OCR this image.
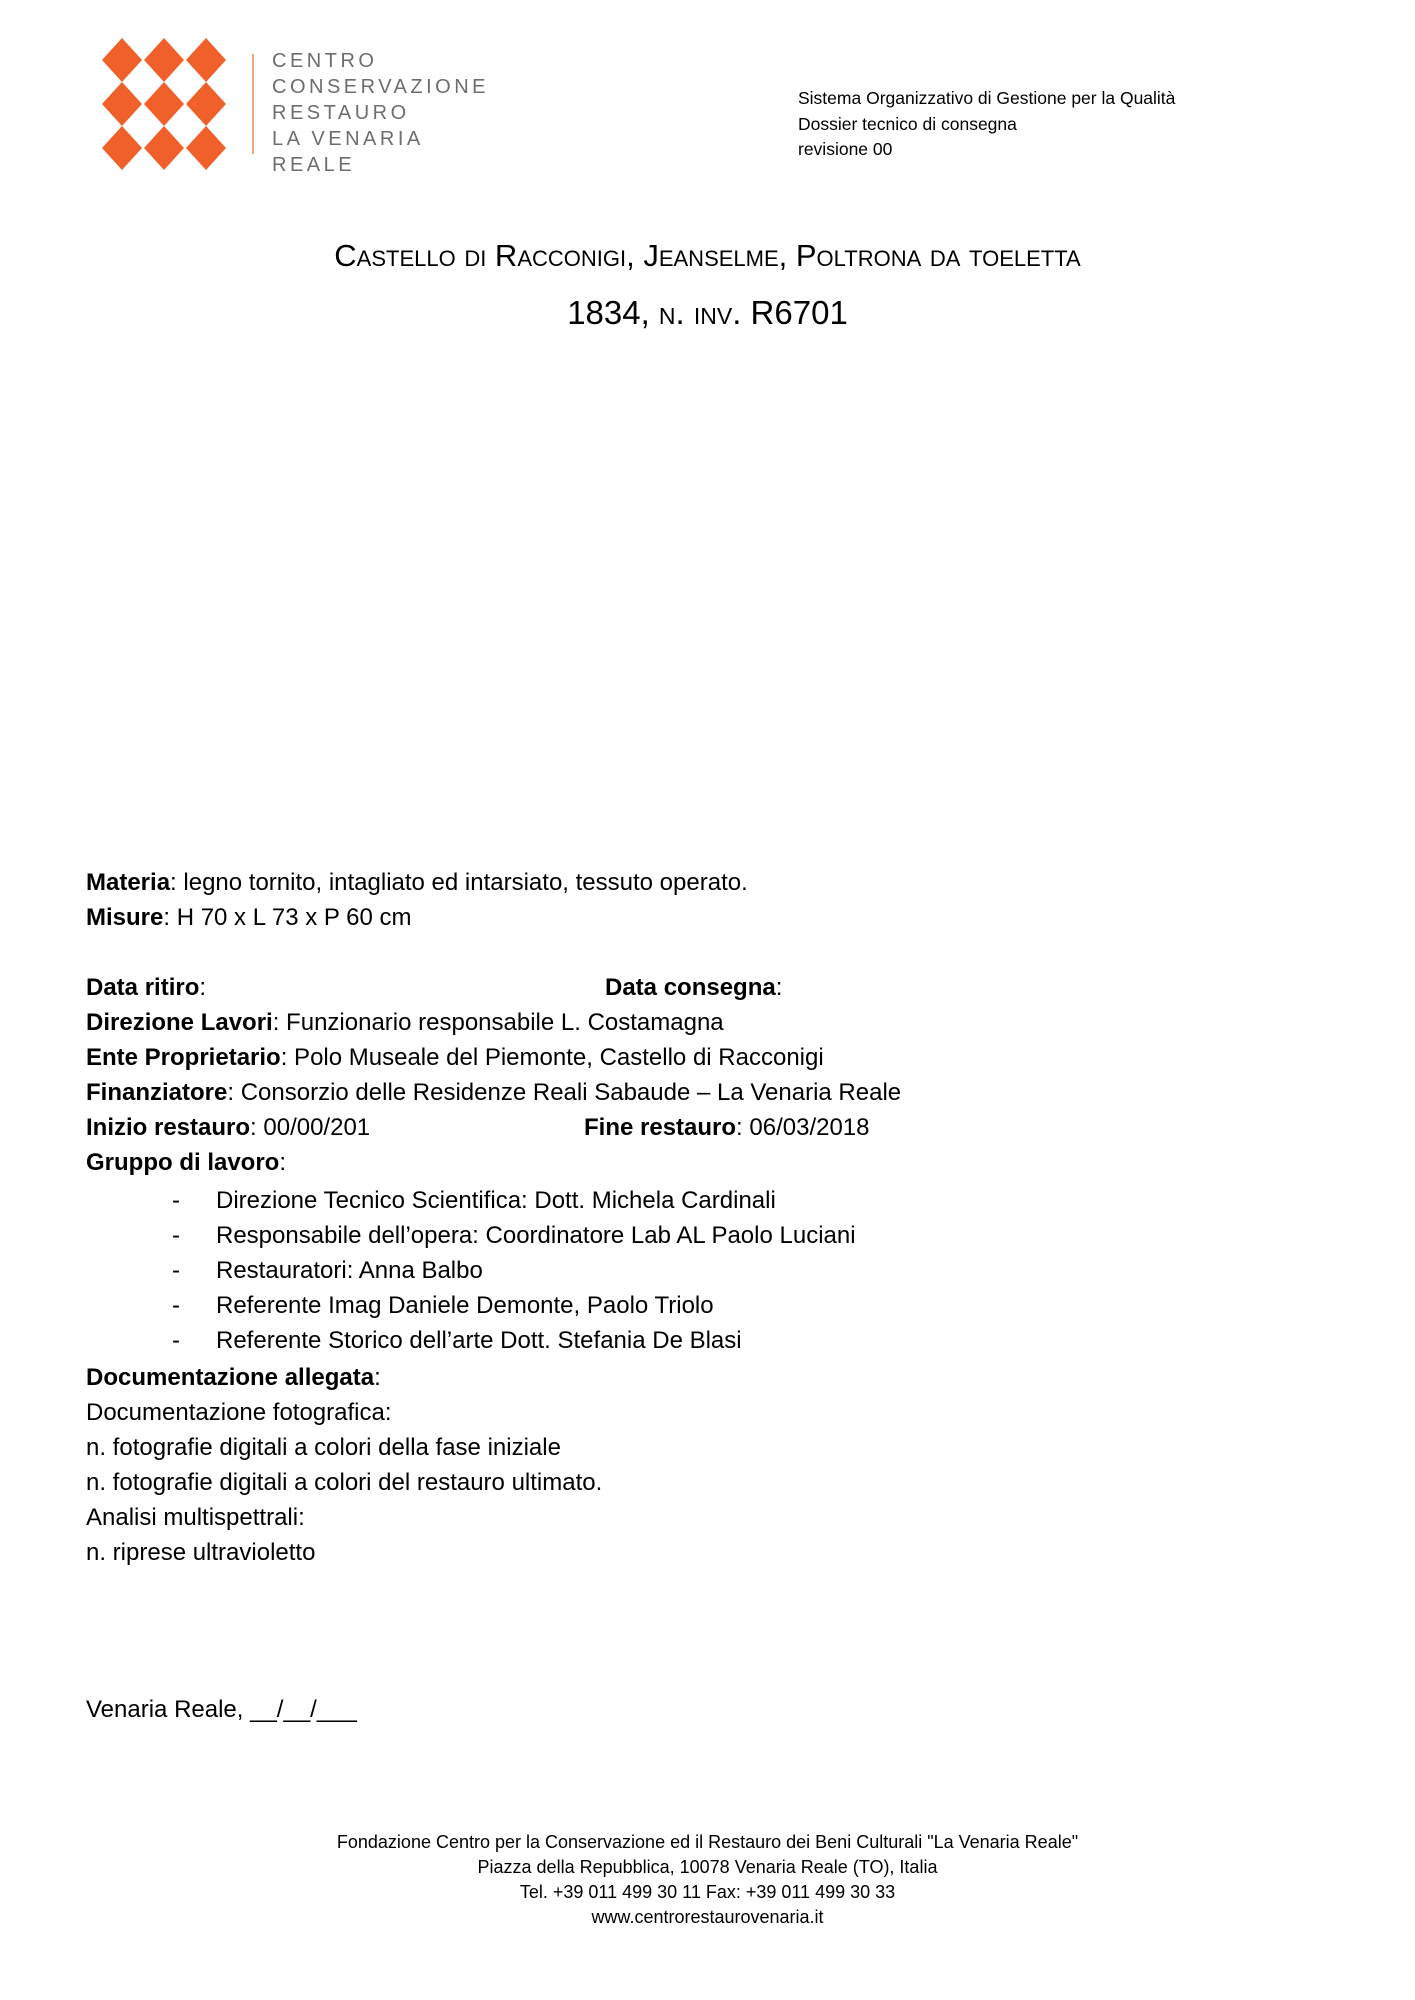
CENTRO
CONSERVAZIONE
RESTAURO
LA VENARIA REALE
Sistema Organizzativo di Gestione per la Qualità
Dossier tecnico di consegna
revisione 00
Castello di Racconigi, Jeanselme, Poltrona da toeletta
1834, n. inv. R6701
Materia: legno tornito, intagliato ed intarsiato, tessuto operato.
Misure: H 70 x L 73 x P 60 cm
Data ritiro:	Data consegna:
Direzione Lavori: Funzionario responsabile L. Costamagna
Ente Proprietario: Polo Museale del Piemonte, Castello di Racconigi
Finanziatore: Consorzio delle Residenze Reali Sabaude – La Venaria Reale
Inizio restauro: 00/00/201	Fine restauro: 06/03/2018
Gruppo di lavoro:
- Direzione Tecnico Scientifica: Dott. Michela Cardinali
- Responsabile dell’opera: Coordinatore Lab AL Paolo Luciani
- Restauratori: Anna Balbo
- Referente Imag Daniele Demonte, Paolo Triolo
- Referente Storico dell’arte Dott. Stefania De Blasi
Documentazione allegata:
Documentazione fotografica:
n. fotografie digitali a colori della fase iniziale
n. fotografie digitali a colori del restauro ultimato.
Analisi multispettrali:
n. riprese ultravioletto
Venaria Reale, __/__/___
Fondazione Centro per la Conservazione ed il Restauro dei Beni Culturali "La Venaria Reale"
Piazza della Repubblica, 10078 Venaria Reale (TO), Italia
Tel. +39 011 499 30 11 Fax: +39 011 499 30 33
www.centrorestaurovenaria.it
